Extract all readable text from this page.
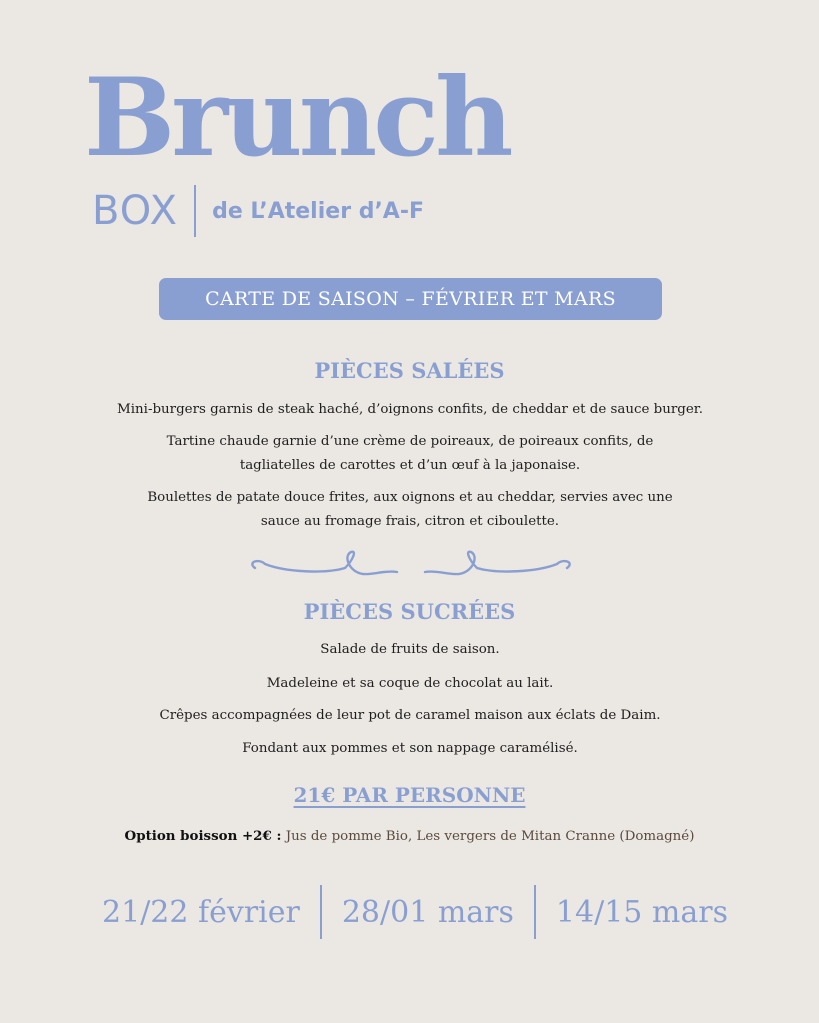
Brunch
BOX de L’Atelier d’A-F
CARTE DE SAISON – FÉVRIER ET MARS
PIÈCES SALÉES

Mini-burgers garnis de steak haché, d’oignons confits, de cheddar et de sauce burger.

Tartine chaude garnie d’une crème de poireaux, de poireaux confits, de
tagliatelles de carottes et d’un œuf à la japonaise.

Boulettes de patate douce frites, aux oignons et au cheddar, servies avec une
sauce au fromage frais, citron et ciboulette.

PIÈCES SUCRÉES

Salade de fruits de saison.

Madeleine et sa coque de chocolat au lait.

Crêpes accompagnées de leur pot de caramel maison aux éclats de Daim.

Fondant aux pommes et son nappage caramélisé.

21€ PAR PERSONNE
Option boisson +2€ : Jus de pomme Bio, Les vergers de Mitan Cranne (Domagné)
21/22 février 28/01 mars 14/15 mars
